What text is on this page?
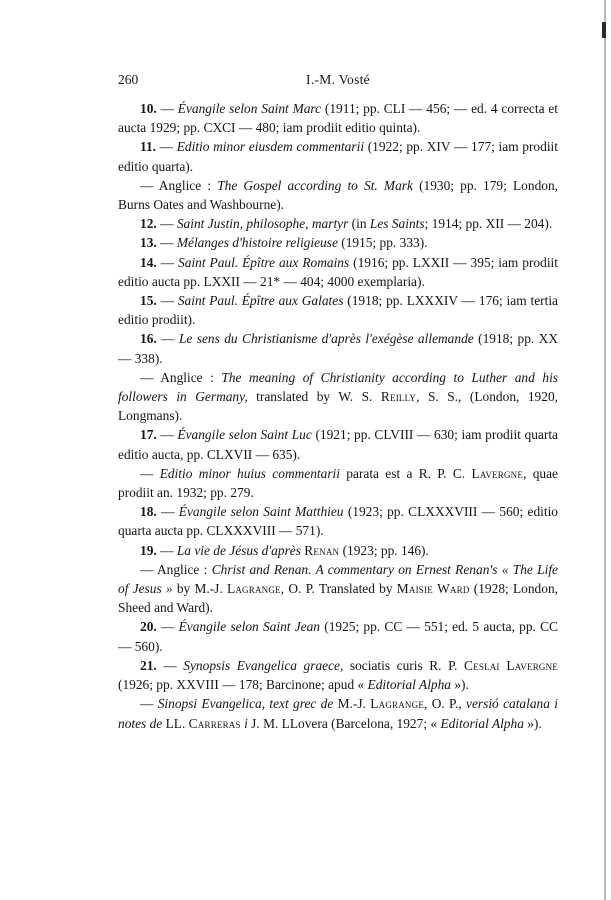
260	I.-M. Vosté

10. — Évangile selon Saint Marc (1911; pp. CLI — 456; — ed. 4 correcta et aucta 1929; pp. CXCI — 480; iam prodiit editio quinta).

11. — Editio minor eiusdem commentarii (1922; pp. XIV — 177; iam prodiit editio quarta).

— Anglice : The Gospel according to St. Mark (1930; pp. 179; London, Burns Oates and Washbourne).

12. — Saint Justin, philosophe, martyr (in Les Saints; 1914; pp. XII — 204).

13. — Mélanges d'histoire religieuse (1915; pp. 333).

14. — Saint Paul. Épître aux Romains (1916; pp. LXXII — 395; iam prodiit editio aucta pp. LXXII — 21* — 404; 4000 exemplaria).

15. — Saint Paul. Épître aux Galates (1918; pp. LXXXIV — 176; iam tertia editio prodiit).

16. — Le sens du Christianisme d'après l'exégèse allemande (1918; pp. XX — 338).

— Anglice : The meaning of Christianity according to Luther and his followers in Germany, translated by W. S. Reilly, S. S., (London, 1920, Longmans).

17. — Évangile selon Saint Luc (1921; pp. CLVIII — 630; iam prodiit quarta editio aucta, pp. CLXVII — 635).

— Editio minor huius commentarii parata est a R. P. C. Lavergne, quae prodiit an. 1932; pp. 279.

18. — Évangile selon Saint Matthieu (1923; pp. CLXXXVIII — 560; editio quarta aucta pp. CLXXXVIII — 571).

19. — La vie de Jésus d'après Renan (1923; pp. 146).

— Anglice : Christ and Renan. A commentary on Ernest Renan's « The Life of Jesus » by M.-J. Lagrange, O. P. Translated by Maisie Ward (1928; London, Sheed and Ward).

20. — Évangile selon Saint Jean (1925; pp. CC — 551; ed. 5 aucta, pp. CC — 560).

21. — Synopsis Evangelica graece, sociatis curis R. P. Ceslai Lavergne (1926; pp. XXVIII — 178; Barcinone; apud « Editorial Alpha »).

— Sinopsi Evangelica, text grec de M.-J. Lagrange, O. P., versió catalana i notes de LL. Carreras i J. M. LLovera (Barcelona, 1927; « Editorial Alpha »).
